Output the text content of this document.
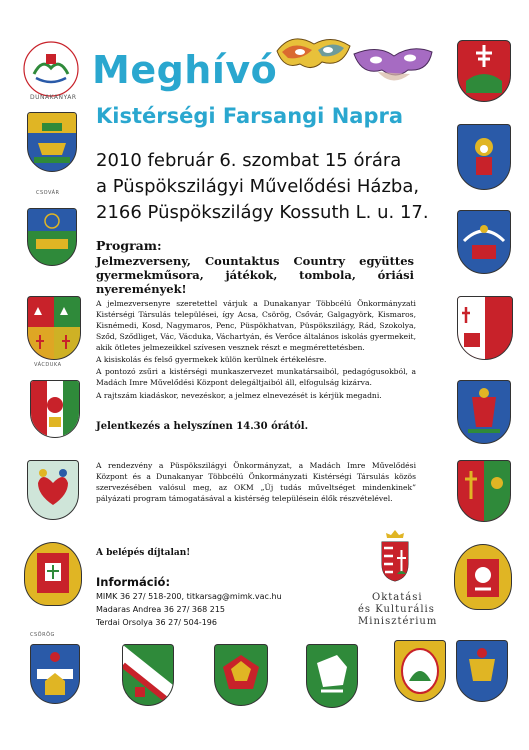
DUNAKANYAR
Meghívó
Kistérségi Farsangi Napra
2010 február 6. szombat 15 órára
a Püspökszilágyi Művelődési Házba,
2166 Püspökszilágy Kossuth L. u. 17.
Program:
Jelmezverseny, Countaktus Country együttes gyermekműsora, játékok, tombola, óriási nyeremények!
A jelmezversenyre szeretettel várjuk a Dunakanyar Többcélú Önkormányzati Kistérségi Társulás települései, így Acsa, Csörög, Csővár, Galgagyörk, Kismaros, Kisnémedi, Kosd, Nagymaros, Penc, Püspökhatvan, Püspökszilágy, Rád, Szokolya, Sződ, Sződliget, Vác, Vácduka, Váchartyán, és Verőce általános iskolás gyermekeit, akik ötletes jelmezeikkel szívesen vesznek részt e megmérettetésben.
A kisiskolás és felső gyermekek külön kerülnek értékelésre.
A pontozó zsűri a kistérségi munkaszervezet munkatársaiból, pedagógusokból, a Madách Imre Művelődési Központ delegáltjaiból áll, elfogulság kizárva.
A rajtszám kiadáskor, nevezéskor, a jelmez elnevezését is kérjük megadni.
Jelentkezés a helyszínen 14.30 órától.
A rendezvény a Püspökszilágyi Önkormányzat, a Madách Imre Művelődési Központ és a Dunakanyar Többcélú Önkormányzati Kistérségi Társulás közös szervezésében valósul meg, az OKM „Új tudás műveltséget mindenkinek” pályázati program támogatásával a kistérség településein élők részvételével.
A belépés díjtalan!
Információ:
MIMK 36 27/ 518-200, titkarsag@mimk.vac.hu
Madaras Andrea 36 27/ 368 215
Terdai Orsolya 36 27/ 504-196
Oktatási
és Kulturális
Minisztérium
CSOVÁR
VÁCDUKA
CSÖRÖG
